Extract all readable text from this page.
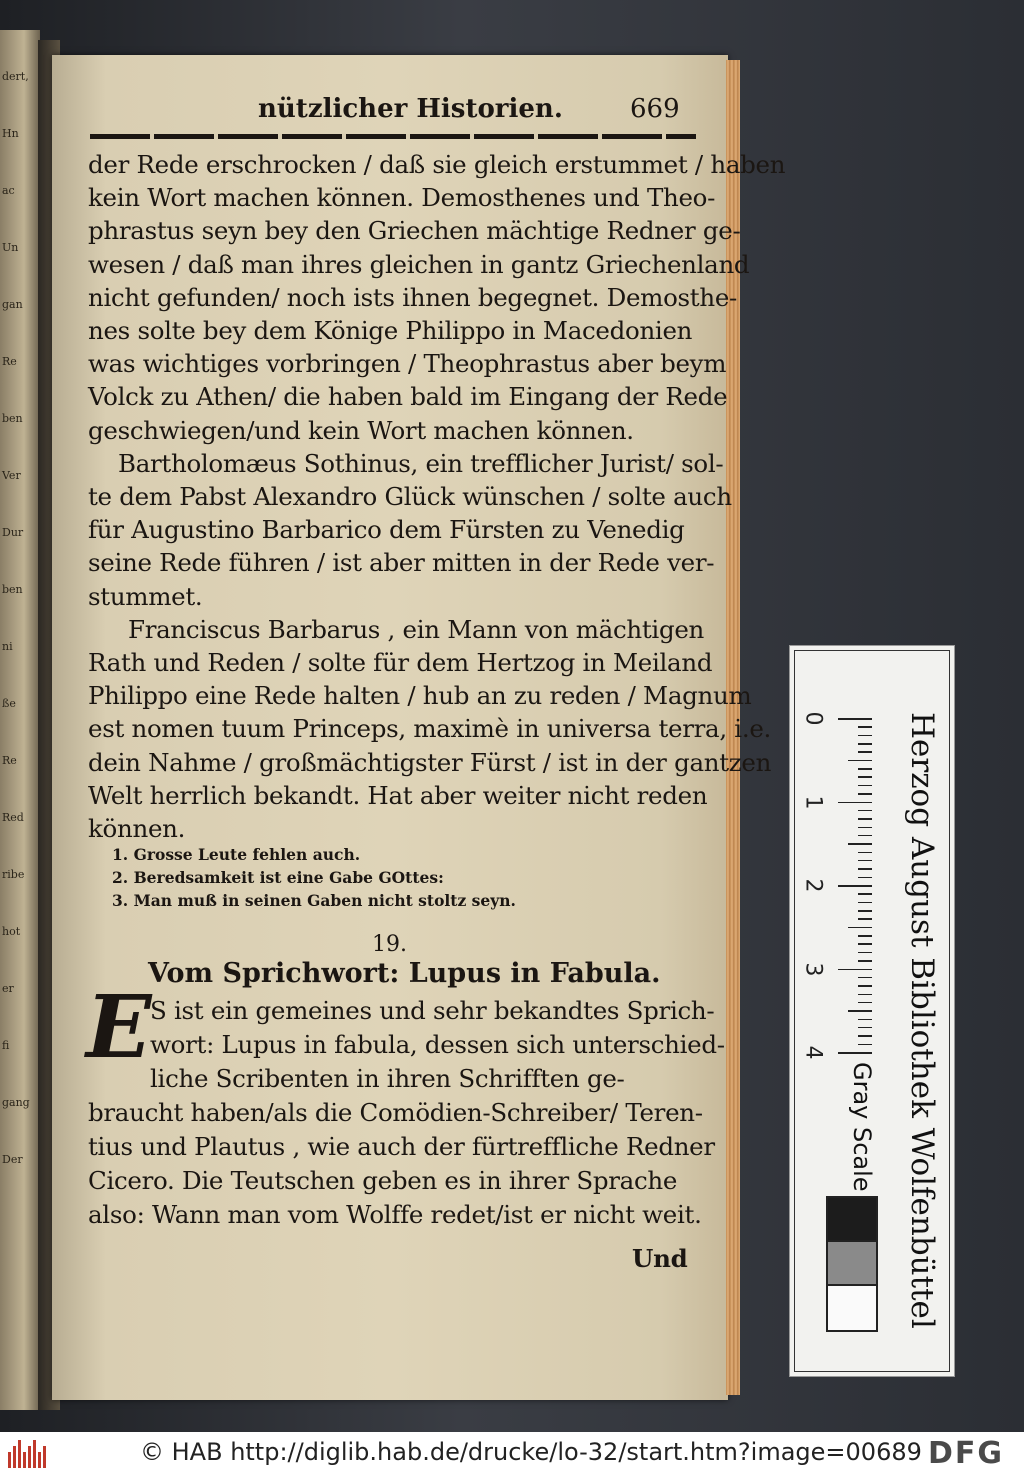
dert,
Hn
ac
Un
gan
Re
ben
Ver
Dur
ben
ni
ße
Re
Red
ribe
hot
er
fi
gang
Der
nützlicher Historien.	669
der Rede erschrocken / daß sie gleich erstummet / haben
kein Wort machen können. Demosthenes und Theo-
phrastus seyn bey den Griechen mächtige Redner ge-
wesen / daß man ihres gleichen in gantz Griechenland
nicht gefunden/ noch ists ihnen begegnet. Demosthe-
nes solte bey dem Könige Philippo in Macedonien
was wichtiges vorbringen / Theophrastus aber beym
Volck zu Athen/ die haben bald im Eingang der Rede
geschwiegen/und kein Wort machen können.
Bartholomæus Sothinus, ein trefflicher Jurist/ sol-
te dem Pabst Alexandro Glück wünschen / solte auch
für Augustino Barbarico dem Fürsten zu Venedig
seine Rede führen / ist aber mitten in der Rede ver-
stummet.
Franciscus Barbarus , ein Mann von mächtigen
Rath und Reden / solte für dem Hertzog in Meiland
Philippo eine Rede halten / hub an zu reden / Magnum
est nomen tuum Princeps, maximè in universa terra, i.e.
dein Nahme / großmächtigster Fürst / ist in der gantzen
Welt herrlich bekandt. Hat aber weiter nicht reden
können.
1. Grosse Leute fehlen auch.
2. Beredsamkeit ist eine Gabe GOttes:
3. Man muß in seinen Gaben nicht stoltz seyn.
19.
Vom Sprichwort: Lupus in Fabula.
E
S ist ein gemeines und sehr bekandtes Sprich-
wort: Lupus in fabula, dessen sich unterschied-
liche Scribenten in ihren Schrifften ge-
braucht haben/als die Comödien-Schreiber/ Teren-
tius und Plautus , wie auch der fürtreffliche Redner
Cicero. Die Teutschen geben es in ihrer Sprache
also: Wann man vom Wolffe redet/ist er nicht weit.
Und	Herzog August Bibliothek Wolfenbüttel
Gray Scale
0
1
2
3
4
© HAB http://diglib.hab.de/drucke/lo-32/start.htm?image=00689 DFG
